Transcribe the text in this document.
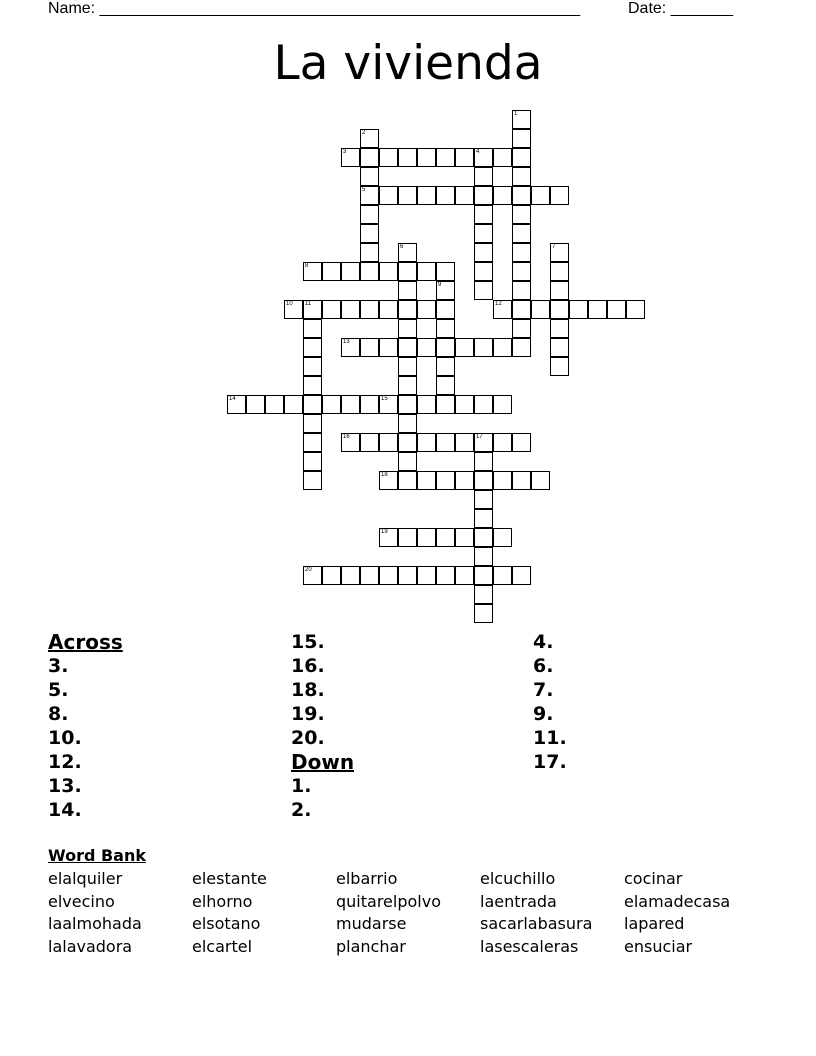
Name: ______________________________________________________	Date: _______
La vivienda
1
2
5
3	4
6	7
8
9
10 11	12
13
14	15
16	17
18
19
20
Across
3.
5.
8.
10.
12.
13.
14.
15.
16.
18.
19.
20.
Down
1.
2.
4.
6.
7.
9.
11.
17.
Word Bank
elalquiler	elestante	elbarrio	elcuchillo	cocinar
elvecino	elhorno	quitarelpolvo	laentrada	elamadecasa
laalmohada	elsotano	mudarse	sacarlabasura	lapared
lalavadora	elcartel	planchar	lasescaleras	ensuciar
